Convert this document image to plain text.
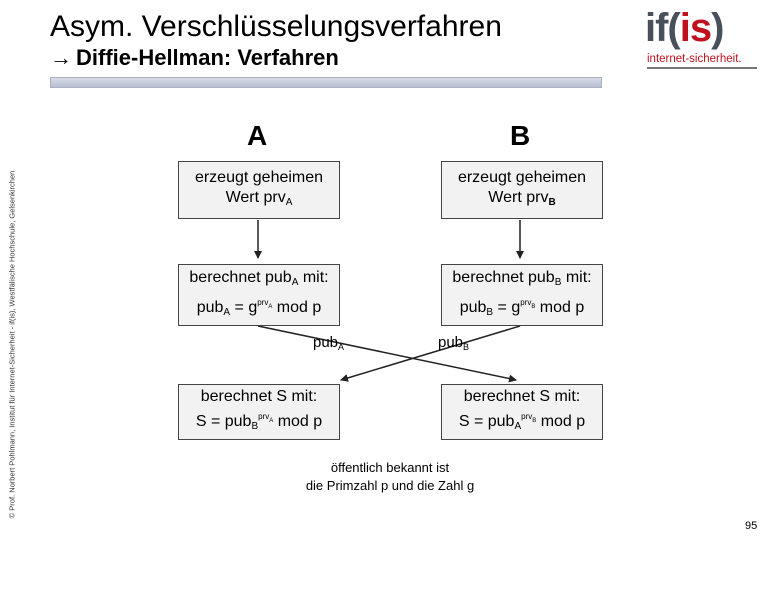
Asym. Verschlüsselungsverfahren
→ Diffie-Hellman: Verfahren
if(is)
internet-sicherheit.
© Prof. Norbert Pohlmann, Institut für Internet-Sicherheit - if(is), Westfälische Hochschule, Gelsenkirchen
A	B
erzeugt geheimen
Wert prv$_A$
erzeugt geheimen
Wert prv$_B$
berechnet pub$_A$ mit:
$pub_A = g^{prv_A}$ mod p
berechnet pub$_B$ mit:
$pub_B = g^{prv_B}$ mod p
pub$_A$	pub$_B$
berechnet S mit:
S = pub$_B^{prv_A}$ mod p
berechnet S mit:
S = pub$_A^{prv_B}$ mod p
öffentlich bekannt ist
die Primzahl p und die Zahl g
95
